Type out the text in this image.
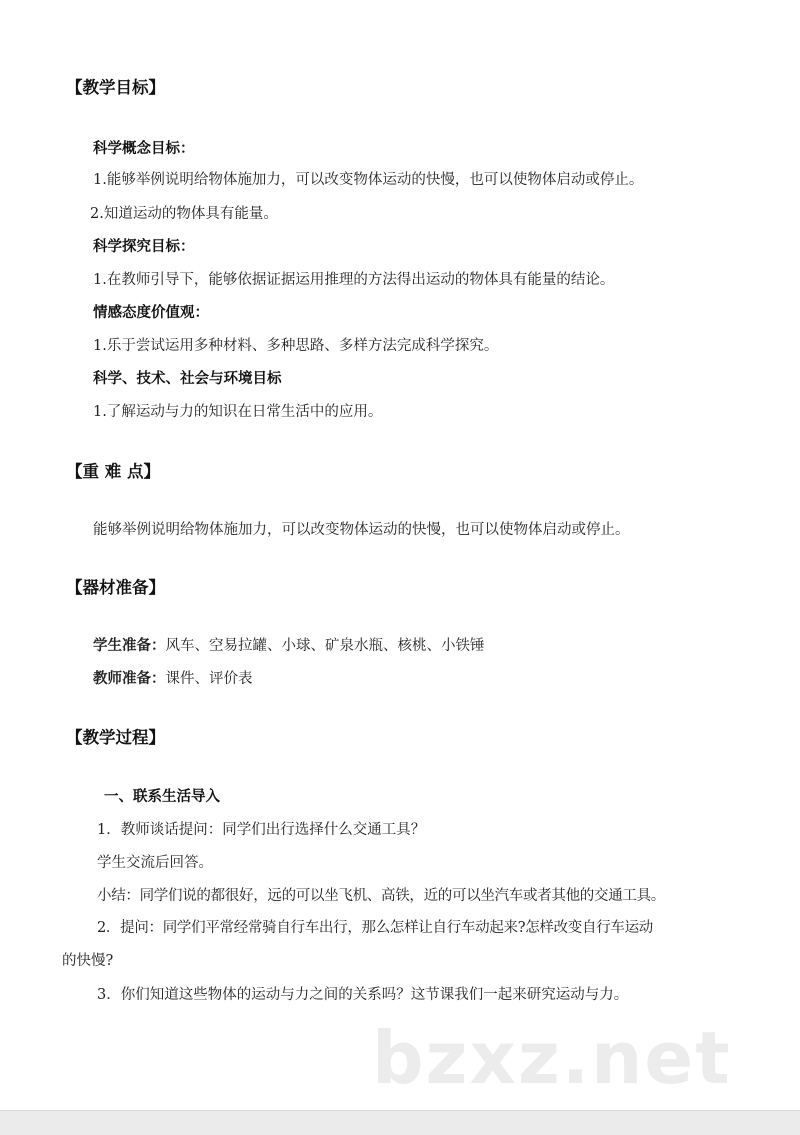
【教学目标】
科学概念目标：
1.能够举例说明给物体施加力，可以改变物体运动的快慢，也可以使物体启动或停止。
2.知道运动的物体具有能量。
科学探究目标：
1.在教师引导下，能够依据证据运用推理的方法得出运动的物体具有能量的结论。
情感态度价值观：
1.乐于尝试运用多种材料、多种思路、多样方法完成科学探究。
科学、技术、社会与环境目标
1.了解运动与力的知识在日常生活中的应用。
【重 难 点】
能够举例说明给物体施加力，可以改变物体运动的快慢，也可以使物体启动或停止。
【器材准备】
学生准备：风车、空易拉罐、小球、矿泉水瓶、核桃、小铁锤
教师准备：课件、评价表
【教学过程】
一、联系生活导入
1．教师谈话提问：同学们出行选择什么交通工具？
学生交流后回答。
小结：同学们说的都很好，远的可以坐飞机、高铁，近的可以坐汽车或者其他的交通工具。
2．提问：同学们平常经常骑自行车出行，那么怎样让自行车动起来?怎样改变自行车运动
的快慢?
3．你们知道这些物体的运动与力之间的关系吗？这节课我们一起来研究运动与力。
bzxz.net
